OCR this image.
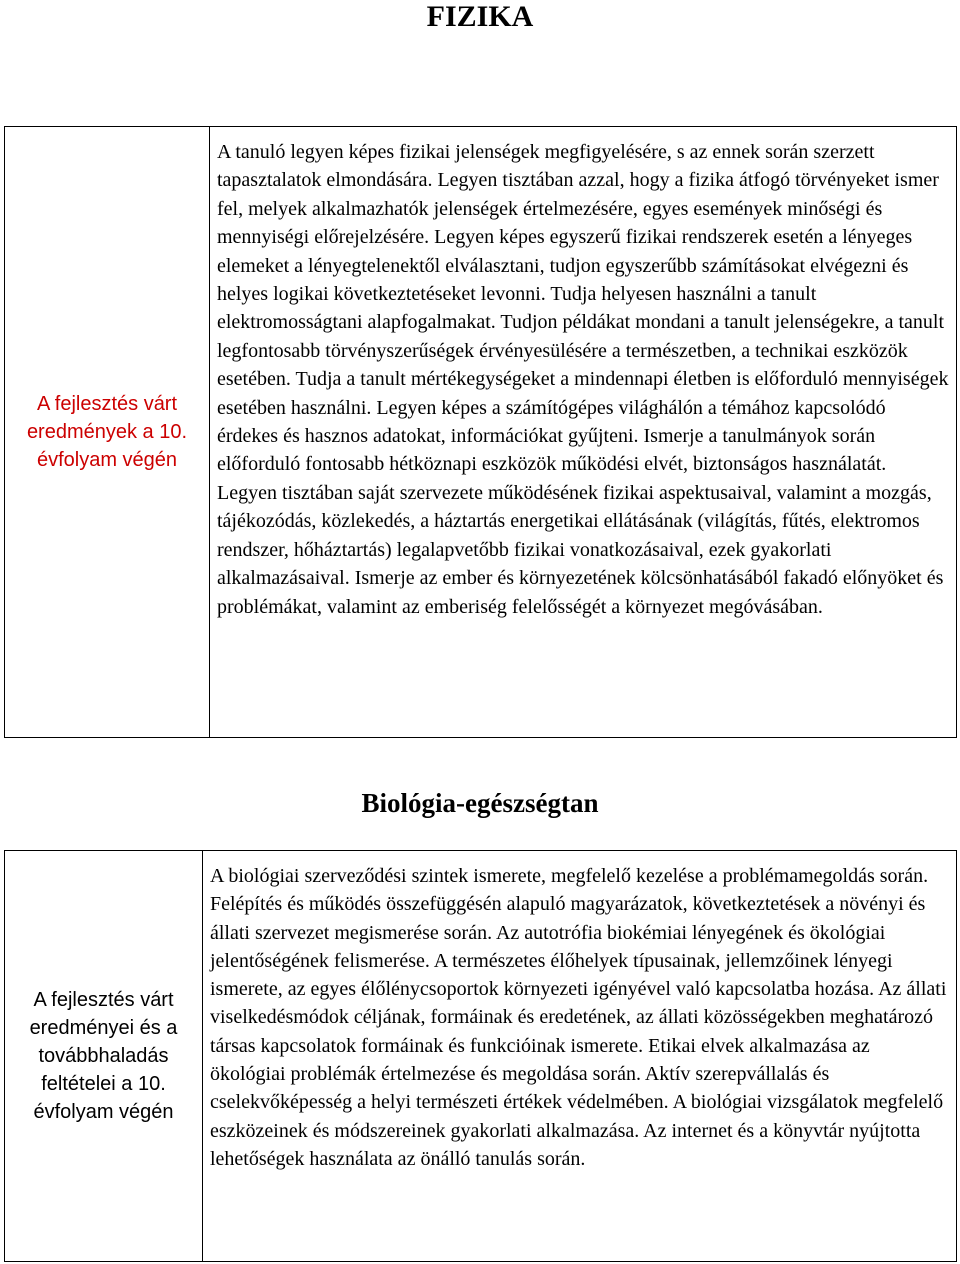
FIZIKA
A fejlesztés várt eredmények a 10. évfolyam végén
A tanuló legyen képes fizikai jelenségek megfigyelésére, s az ennek során szerzett tapasztalatok elmondására. Legyen tisztában azzal, hogy a fizika átfogó törvényeket ismer fel, melyek alkalmazhatók jelenségek értelmezésére, egyes események minőségi és mennyiségi előrejelzésére. Legyen képes egyszerű fizikai rendszerek esetén a lényeges elemeket a lényegtelenektől elválasztani, tudjon egyszerűbb számításokat elvégezni és helyes logikai következtetéseket levonni. Tudja helyesen használni a tanult elektromosságtani alapfogalmakat. Tudjon példákat mondani a tanult jelenségekre, a tanult legfontosabb törvényszerűségek érvényesülésére a természetben, a technikai eszközök esetében. Tudja a tanult mértékegységeket a mindennapi életben is előforduló mennyiségek esetében használni. Legyen képes a számítógépes világhálón a témához kapcsolódó érdekes és hasznos adatokat, információkat gyűjteni. Ismerje a tanulmányok során előforduló fontosabb hétköznapi eszközök működési elvét, biztonságos használatát. Legyen tisztában saját szervezete működésének fizikai aspektusaival, valamint a mozgás, tájékozódás, közlekedés, a háztartás energetikai ellátásának (világítás, fűtés, elektromos rendszer, hőháztartás) legalapvetőbb fizikai vonatkozásaival, ezek gyakorlati alkalmazásaival. Ismerje az ember és környezetének kölcsönhatásából fakadó előnyöket és problémákat, valamint az emberiség felelősségét a környezet megóvásában.
Biológia-egészségtan
A fejlesztés várt eredményei és a továbbhaladás feltételei a 10. évfolyam végén
A biológiai szerveződési szintek ismerete, megfelelő kezelése a problémamegoldás során. Felépítés és működés összefüggésén alapuló magyarázatok, következtetések a növényi és állati szervezet megismerése során. Az autotrófia biokémiai lényegének és ökológiai jelentőségének felismerése. A természetes élőhelyek típusainak, jellemzőinek lényegi ismerete, az egyes élőlénycsoportok környezeti igényével való kapcsolatba hozása. Az állati viselkedésmódok céljának, formáinak és eredetének, az állati közösségekben meghatározó társas kapcsolatok formáinak és funkcióinak ismerete. Etikai elvek alkalmazása az ökológiai problémák értelmezése és megoldása során. Aktív szerepvállalás és cselekvőképesség a helyi természeti értékek védelmében. A biológiai vizsgálatok megfelelő eszközeinek és módszereinek gyakorlati alkalmazása. Az internet és a könyvtár nyújtotta lehetőségek használata az önálló tanulás során.
